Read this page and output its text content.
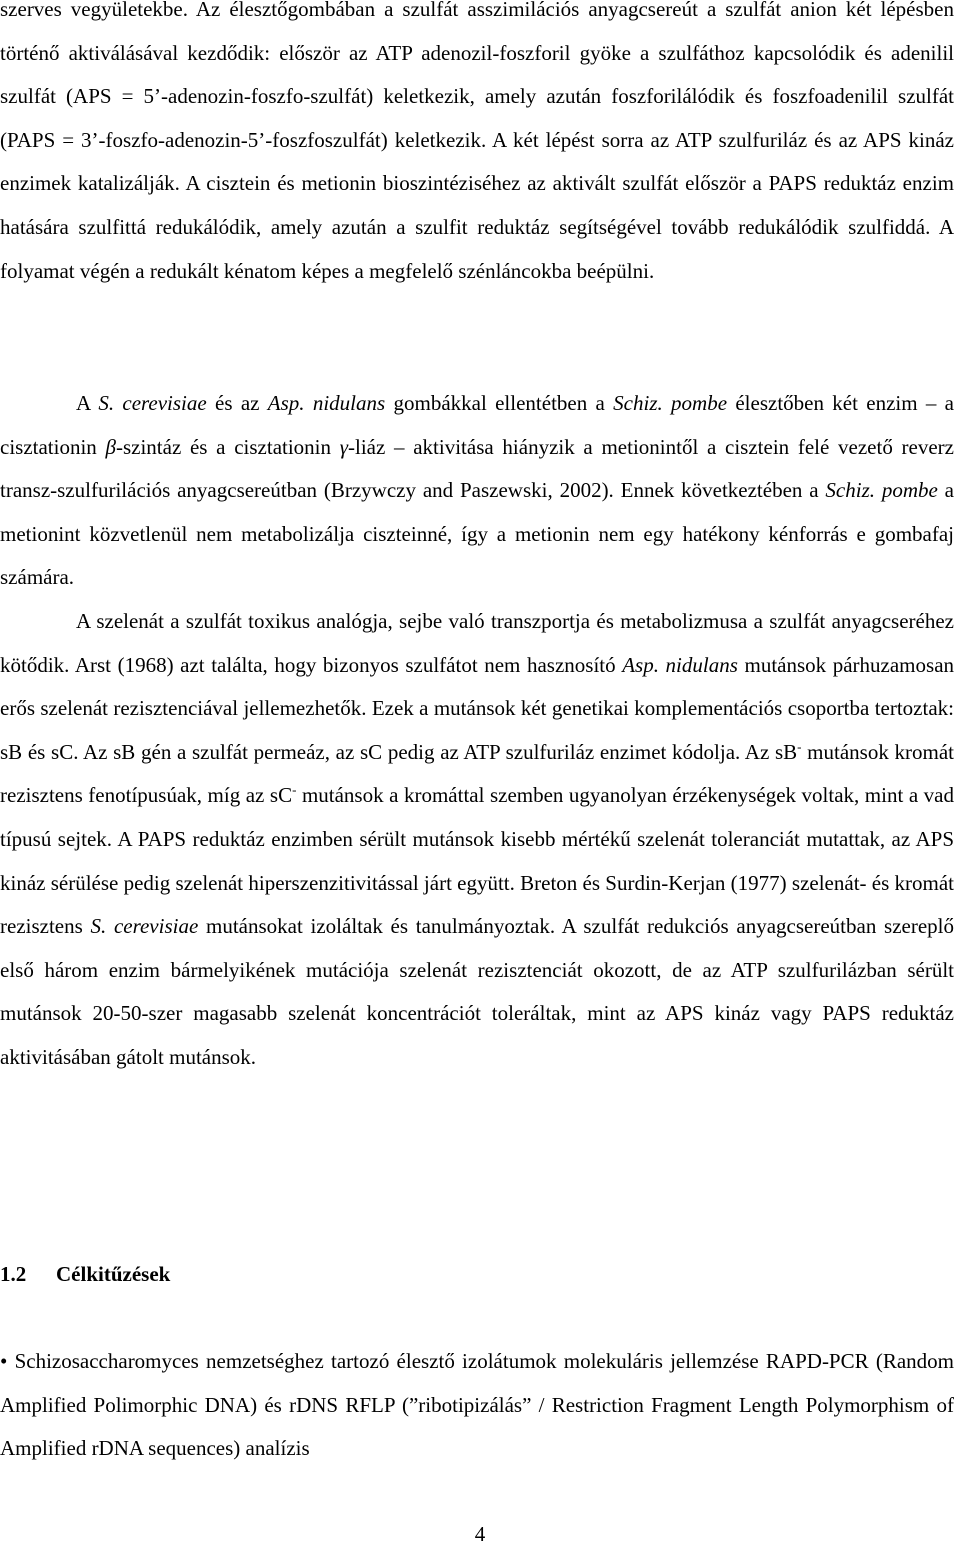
szerves vegyületekbe. Az élesztőgombában a szulfát asszimilációs anyagcsereút a szulfát anion két lépésben történő aktiválásával kezdődik: először az ATP adenozil-foszforil gyöke a szulfáthoz kapcsolódik és adenilil szulfát (APS = 5’-adenozin-foszfo-szulfát) keletkezik, amely azután foszforilálódik és foszfoadenilil szulfát (PAPS = 3’-foszfo-adenozin-5’-foszfoszulfát) keletkezik. A két lépést sorra az ATP szulfuriláz és az APS kináz enzimek katalizálják. A cisztein és metionin bioszintéziséhez az aktivált szulfát először a PAPS reduktáz enzim hatására szulfittá redukálódik, amely azután a szulfit reduktáz segítségével tovább redukálódik szulfiddá. A folyamat végén a redukált kénatom képes a megfelelő szénláncokba beépülni.

A S. cerevisiae és az Asp. nidulans gombákkal ellentétben a Schiz. pombe élesztőben két enzim – a cisztationin β-szintáz és a cisztationin γ-liáz – aktivitása hiányzik a metionintől a cisztein felé vezető reverz transz-szulfurilációs anyagcsereútban (Brzywczy and Paszewski, 2002). Ennek következtében a Schiz. pombe a metionint közvetlenül nem metabolizálja ciszteinné, így a metionin nem egy hatékony kénforrás e gombafaj számára.

A szelenát a szulfát toxikus analógja, sejbe való transzportja és metabolizmusa a szulfát anyagcseréhez kötődik. Arst (1968) azt találta, hogy bizonyos szulfátot nem hasznosító Asp. nidulans mutánsok párhuzamosan erős szelenát rezisztenciával jellemezhetők. Ezek a mutánsok két genetikai komplementációs csoportba tertoztak: sB és sC. Az sB gén a szulfát permeáz, az sC pedig az ATP szulfuriláz enzimet kódolja. Az sB- mutánsok kromát rezisztens fenotípusúak, míg az sC- mutánsok a kromáttal szemben ugyanolyan érzékenységek voltak, mint a vad típusú sejtek. A PAPS reduktáz enzimben sérült mutánsok kisebb mértékű szelenát toleranciát mutattak, az APS kináz sérülése pedig szelenát hiperszenzitivitással járt együtt. Breton és Surdin-Kerjan (1977) szelenát- és kromát rezisztens S. cerevisiae mutánsokat izoláltak és tanulmányoztak. A szulfát redukciós anyagcsereútban szereplő első három enzim bármelyikének mutációja szelenát rezisztenciát okozott, de az ATP szulfurilázban sérült mutánsok 20-50-szer magasabb szelenát koncentrációt toleráltak, mint az APS kináz vagy PAPS reduktáz aktivitásában gátolt mutánsok.

1.2 Célkitűzések
• Schizosaccharomyces nemzetséghez tartozó élesztő izolátumok molekuláris jellemzése RAPD-PCR (Random Amplified Polimorphic DNA) és rDNS RFLP (”ribotipizálás” / Restriction Fragment Length Polymorphism of Amplified rDNA sequences) analízis
4
